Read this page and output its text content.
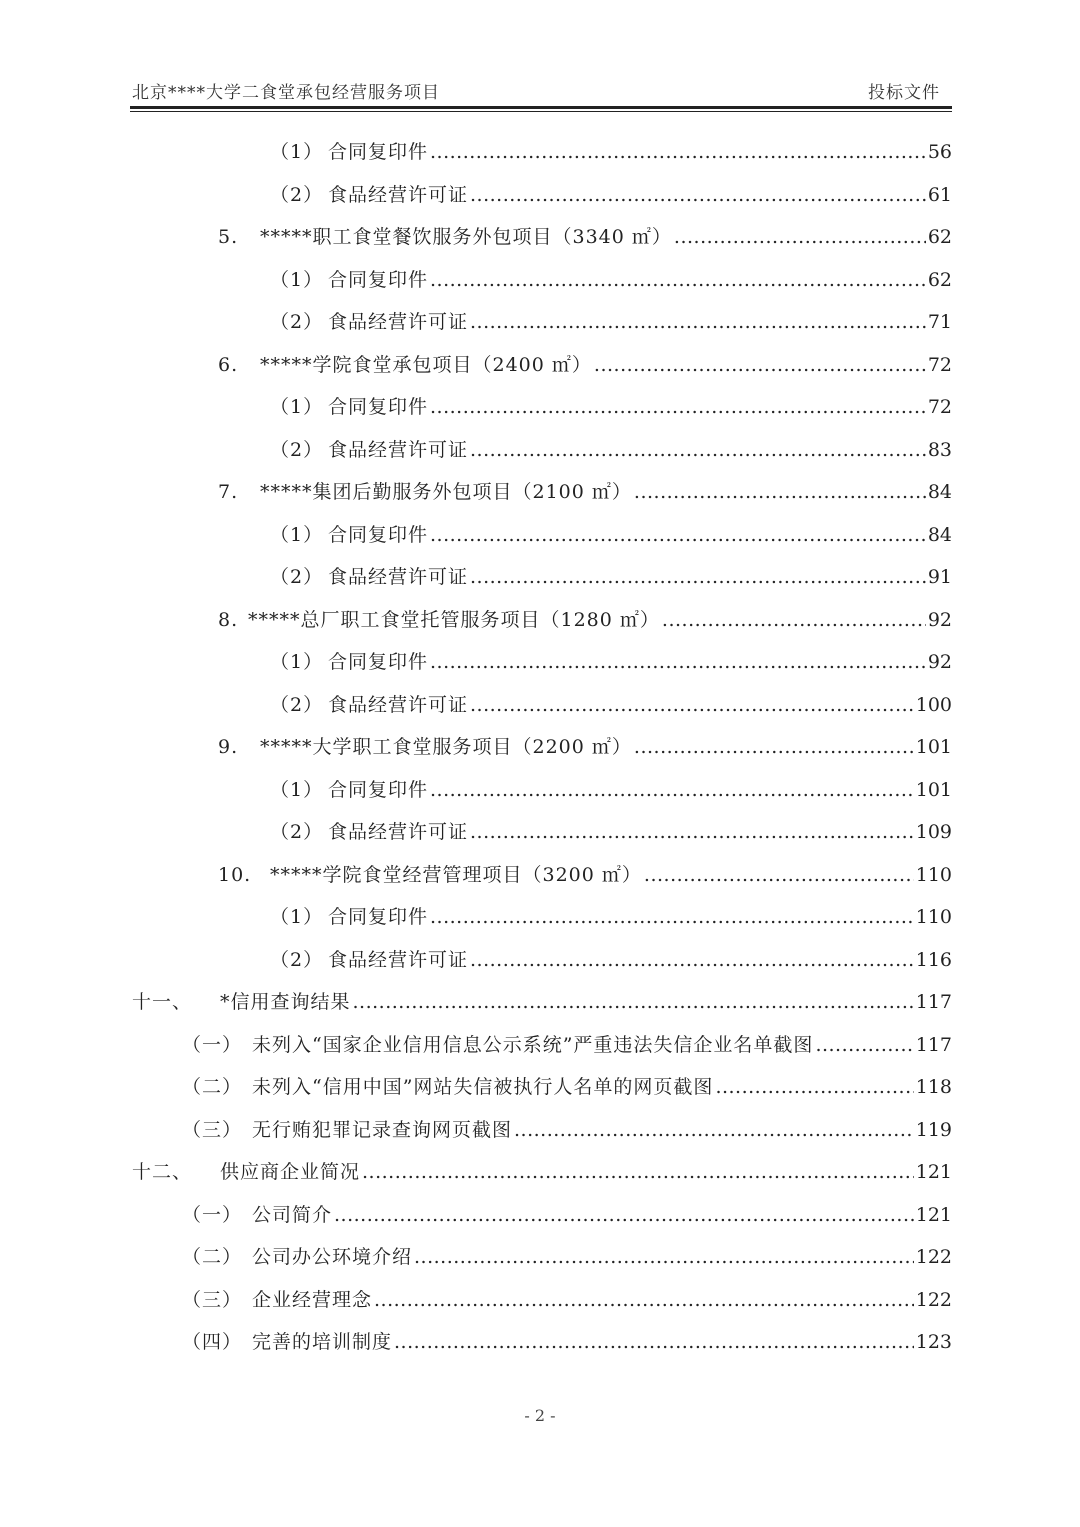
北京****大学二食堂承包经营服务项目	投标文件
（1） 合同复印件 .....	56
（2） 食品经营许可证 .....	61
5.	*****职工食堂餐饮服务外包项目（3340 ㎡） .....	62
（1） 合同复印件 .....	62
（2） 食品经营许可证 .....	71
6.	*****学院食堂承包项目（2400 ㎡） .....	72
（1） 合同复印件 .....	72
（2） 食品经营许可证 .....	83
7.	*****集团后勤服务外包项目（2100 ㎡） .....	84
（1） 合同复印件 .....	84
（2） 食品经营许可证 .....	91
8. *****总厂职工食堂托管服务项目（1280 ㎡） .....	92
（1） 合同复印件 .....	92
（2） 食品经营许可证 .....	100
9.	*****大学职工食堂服务项目（2200 ㎡） .....	101
（1） 合同复印件 .....	101
（2） 食品经营许可证 .....	109
10. *****学院食堂经营管理项目（3200 ㎡） .....	110
（1） 合同复印件 .....	110
（2） 食品经营许可证 .....	116
十一、	*信用查询结果 .....	117
（一） 未列入“国家企业信用信息公示系统”严重违法失信企业名单截图 .....	117
（二） 未列入“信用中国”网站失信被执行人名单的网页截图 .....	118
（三） 无行贿犯罪记录查询网页截图 .....	119
十二、	供应商企业简况 .....	121
（一） 公司简介 .....	121
（二） 公司办公环境介绍 .....	122
（三） 企业经营理念 .....	122
（四） 完善的培训制度 .....	123
- 2 -
